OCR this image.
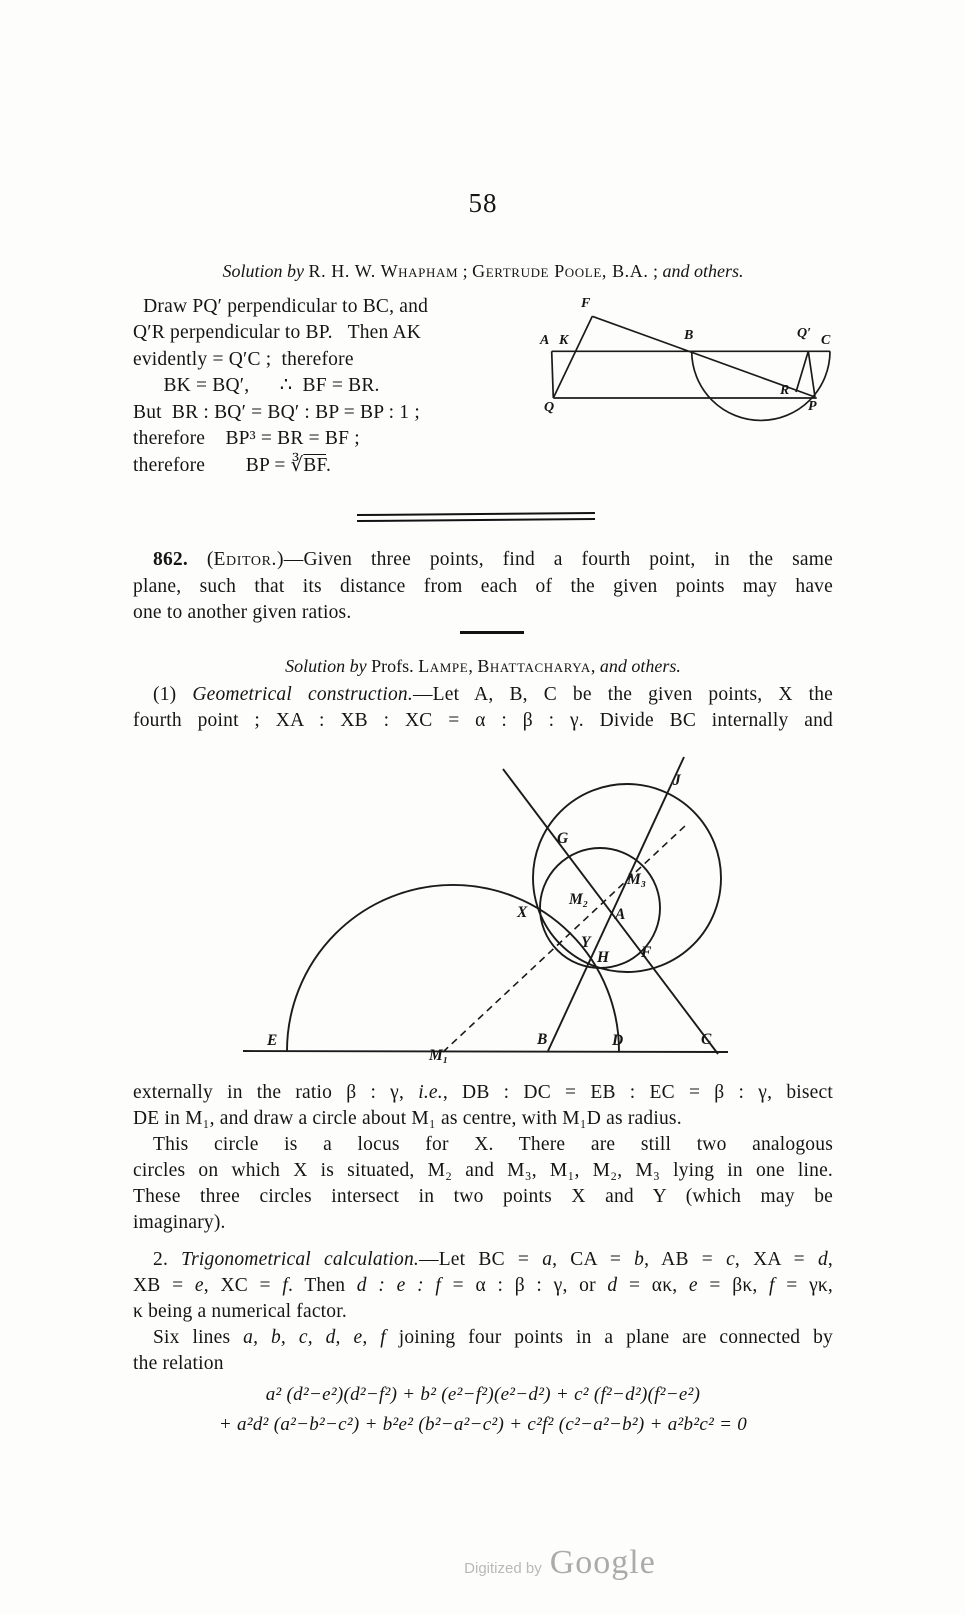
58
Solution by R. H. W. Whapham ; Gertrude Poole, B.A. ; and others.
Draw PQ′ perpendicular to BC, and
Q′R perpendicular to BP.   Then AK
evidently = Q′C ;  therefore
BK = BQ′,      ∴  BF = BR.
But  BR : BQ′ = BQ′ : BP = BP : 1 ;
therefore    BP³ = BR = BF ;
therefore        BP = $∛\overline{BF}$.
F
A K	B	Q′ C
Q
R
P
862. (Editor.)—Given three points, find a fourth point, in the same
plane, such that its distance from each of the given points may have
one to another given ratios.
Solution by Profs. Lampe, Bhattacharya, and others.
(1) Geometrical construction.—Let A, B, C be the given points, X the
fourth point ; XA : XB : XC = α : β : γ. Divide BC internally and
J
G
M₃
M₂
X	A
Y
H F
E
M₁
B	D	C
externally in the ratio β : γ, i.e., DB : DC = EB : EC = β : γ, bisect
DE in M₁, and draw a circle about M₁ as centre, with M₁D as radius.
This circle is a locus for X. There are still two analogous
circles on which X is situated, M₂ and M₃, M₁, M₂, M₃ lying in one line.
These three circles intersect in two points X and Y (which may be
imaginary).
2. Trigonometrical calculation.—Let BC = a, CA = b, AB = c, XA = d,
XB = e, XC = f. Then d : e : f = α : β : γ, or d = ακ, e = βκ, f = γκ,
κ being a numerical factor.
Six lines a, b, c, d, e, f joining four points in a plane are connected by
the relation
a² (d²−e²)(d²−f²) + b² (e²−f²)(e²−d²) + c² (f²−d²)(f²−e²)
+ a²d² (a²−b²−c²) + b²e² (b²−a²−c²) + c²f² (c²−a²−b²) + a²b²c² = 0
Digitized by Google
